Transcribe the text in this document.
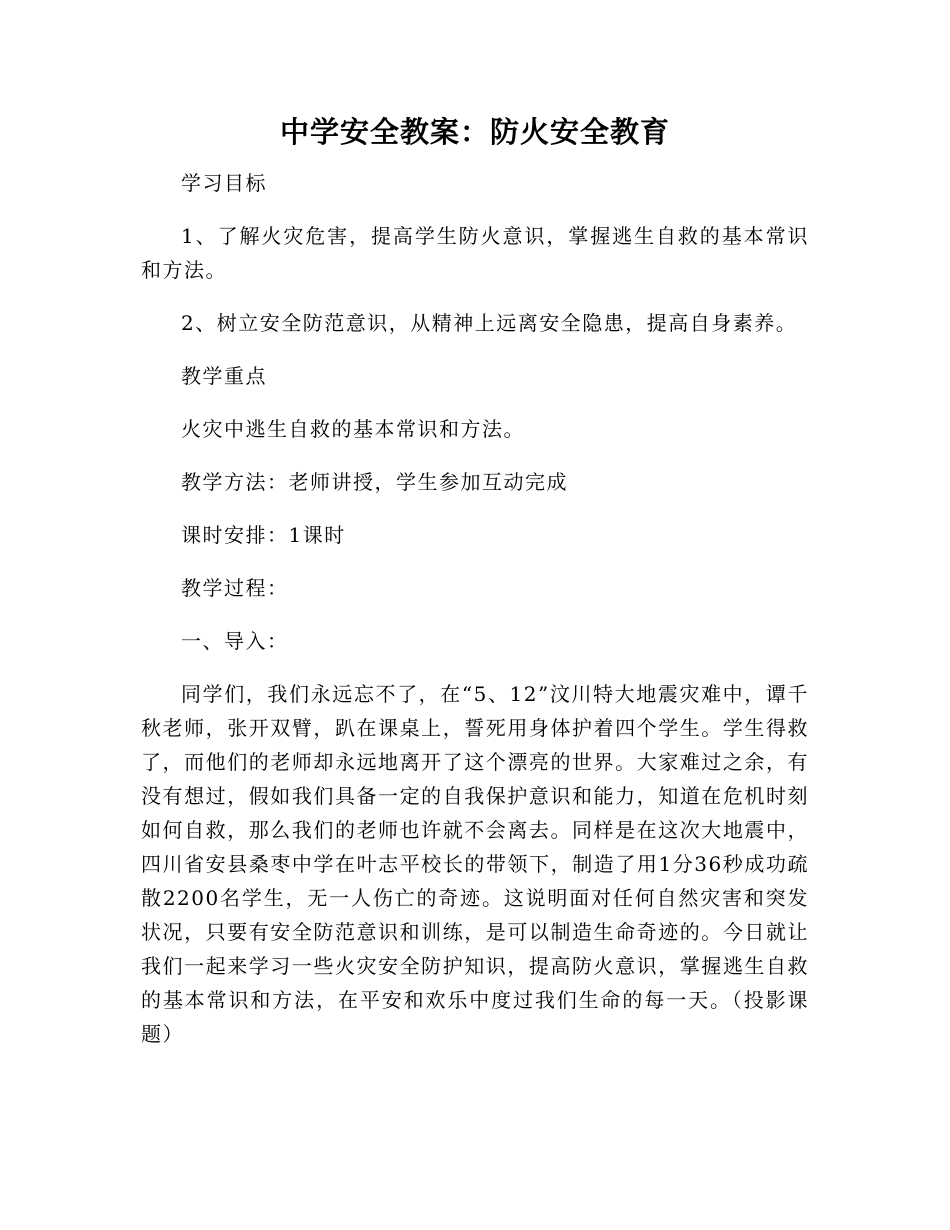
中学安全教案：防火安全教育

学习目标

1、了解火灾危害，提高学生防火意识，掌握逃生自救的基本常识和方法。

2、树立安全防范意识，从精神上远离安全隐患，提高自身素养。

教学重点

火灾中逃生自救的基本常识和方法。

教学方法：老师讲授，学生参加互动完成

课时安排：1课时

教学过程：

一、导入：

同学们，我们永远忘不了，在“5、12”汶川特大地震灾难中，谭千秋老师，张开双臂，趴在课桌上，誓死用身体护着四个学生。学生得救了，而他们的老师却永远地离开了这个漂亮的世界。大家难过之余，有没有想过，假如我们具备一定的自我保护意识和能力，知道在危机时刻如何自救，那么我们的老师也许就不会离去。同样是在这次大地震中，四川省安县桑枣中学在叶志平校长的带领下，制造了用1分36秒成功疏散2200名学生，无一人伤亡的奇迹。这说明面对任何自然灾害和突发状况，只要有安全防范意识和训练，是可以制造生命奇迹的。今日就让我们一起来学习一些火灾安全防护知识，提高防火意识，掌握逃生自救的基本常识和方法，在平安和欢乐中度过我们生命的每一天。（投影课题）
